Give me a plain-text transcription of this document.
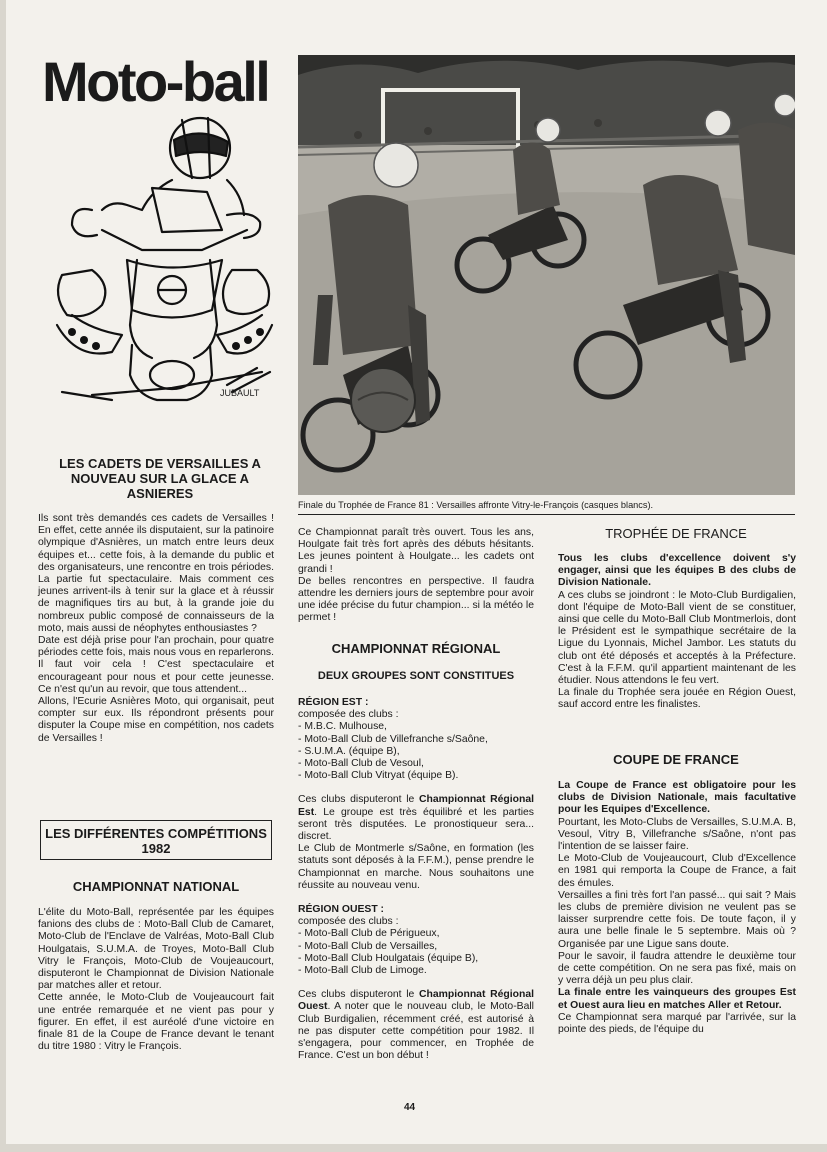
Moto-ball
JUBAULT
Finale du Trophée de France 81 : Versailles affronte Vitry-le-François (casques blancs).
LES CADETS DE VERSAILLES A NOUVEAU SUR LA GLACE A ASNIERES

Ils sont très demandés ces cadets de Versailles ! En effet, cette année ils disputaient, sur la patinoire olympique d'Asnières, un match entre leurs deux équipes et... cette fois, à la demande du public et des organisateurs, une rencontre en trois périodes. La partie fut spectaculaire. Mais comment ces jeunes arrivent-ils à tenir sur la glace et à réussir de magnifiques tirs au but, à la grande joie du nombreux public composé de connaisseurs de la moto, mais aussi de néophytes enthousiastes ?

Date est déjà prise pour l'an prochain, pour quatre périodes cette fois, mais nous vous en reparlerons. Il faut voir cela ! C'est spectaculaire et encourageant pour nous et pour cette jeunesse. Ce n'est qu'un au revoir, que tous attendent...

Allons, l'Ecurie Asnières Moto, qui organisait, peut compter sur eux. Ils répondront présents pour disputer la Coupe mise en compétition, nos cadets de Versailles !

LES DIFFÉRENTES COMPÉTITIONS 1982
CHAMPIONNAT NATIONAL

L'élite du Moto-Ball, représentée par les équipes fanions des clubs de : Moto-Ball Club de Camaret, Moto-Club de l'Enclave de Valréas, Moto-Ball Club Houlgatais, S.U.M.A. de Troyes, Moto-Ball Club Vitry le François, Moto-Club de Voujeaucourt, disputeront le Championnat de Division Nationale par matches aller et retour.

Cette année, le Moto-Club de Voujeaucourt fait une entrée remarquée et ne vient pas pour y figurer. En effet, il est auréolé d'une victoire en finale 81 de la Coupe de France devant le tenant du titre 1980 : Vitry le François.

Ce Championnat paraît très ouvert. Tous les ans, Houlgate fait très fort après des débuts hésitants. Les jeunes pointent à Houlgate... les cadets ont grandi !

De belles rencontres en perspective. Il faudra attendre les derniers jours de septembre pour avoir une idée précise du futur champion... si la météo le permet !

CHAMPIONNAT RÉGIONAL
DEUX GROUPES SONT CONSTITUES
RÉGION EST :
composée des clubs :
- M.B.C. Mulhouse,
- Moto-Ball Club de Villefranche s/Saône,
- S.U.M.A. (équipe B),
- Moto-Ball Club de Vesoul,
- Moto-Ball Club Vitryat (équipe B).

Ces clubs disputeront le Championnat Régional Est. Le groupe est très équilibré et les parties seront très disputées. Le pronostiqueur sera... discret.

Le Club de Montmerle s/Saône, en formation (les statuts sont déposés à la F.F.M.), pense prendre le Championnat en marche. Nous souhaitons une réussite au nouveau venu.

RÉGION OUEST :
composée des clubs :
- Moto-Ball Club de Périgueux,
- Moto-Ball Club de Versailles,
- Moto-Ball Club Houlgatais (équipe B),
- Moto-Ball Club de Limoge.

Ces clubs disputeront le Championnat Régional Ouest. A noter que le nouveau club, le Moto-Ball Club Burdigalien, récemment créé, est autorisé à ne pas disputer cette compétition pour 1982. Il s'engagera, pour commencer, en Trophée de France. C'est un bon début !

TROPHÉE DE FRANCE

Tous les clubs d'excellence doivent s'y engager, ainsi que les équipes B des clubs de Division Nationale.

A ces clubs se joindront : le Moto-Club Burdigalien, dont l'équipe de Moto-Ball vient de se constituer, ainsi que celle du Moto-Ball Club Montmerlois, dont le Président est le sympathique secrétaire de la Ligue du Lyonnais, Michel Jambor. Les statuts du club ont été déposés et acceptés à la Préfecture. C'est à la F.F.M. qu'il appartient maintenant de les étudier. Nous attendons le feu vert.

La finale du Trophée sera jouée en Région Ouest, sauf accord entre les finalistes.

COUPE DE FRANCE

La Coupe de France est obligatoire pour les clubs de Division Nationale, mais facultative pour les Equipes d'Excellence.

Pourtant, les Moto-Clubs de Versailles, S.U.M.A. B, Vesoul, Vitry B, Villefranche s/Saône, n'ont pas l'intention de se laisser faire.

Le Moto-Club de Voujeaucourt, Club d'Excellence en 1981 qui remporta la Coupe de France, a fait des émules.

Versailles a fini très fort l'an passé... qui sait ? Mais les clubs de première division ne veulent pas se laisser surprendre cette fois. De toute façon, il y aura une belle finale le 5 septembre. Mais où ? Organisée par une Ligue sans doute.

Pour le savoir, il faudra attendre le deuxième tour de cette compétition. On ne sera pas fixé, mais on y verra déjà un peu plus clair.

La finale entre les vainqueurs des groupes Est et Ouest aura lieu en matches Aller et Retour.

Ce Championnat sera marqué par l'arrivée, sur la pointe des pieds, de l'équipe du

44
